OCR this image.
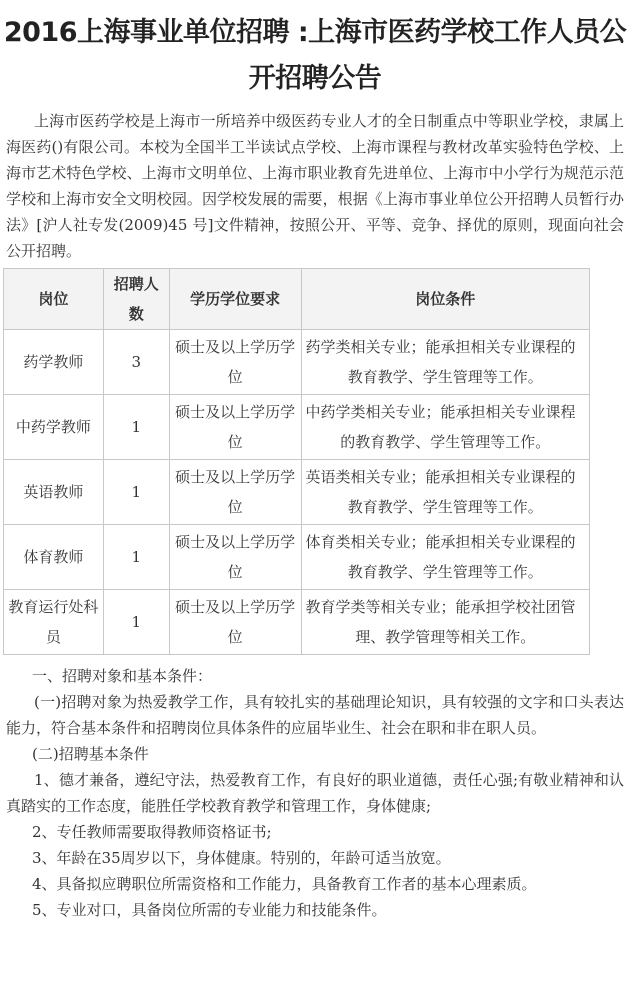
2016上海事业单位招聘 :上海市医药学校工作人员公开招聘公告

上海市医药学校是上海市一所培养中级医药专业人才的全日制重点中等职业学校，隶属上海医药()有限公司。本校为全国半工半读试点学校、上海市课程与教材改革实验特色学校、上海市艺术特色学校、上海市文明单位、上海市职业教育先进单位、上海市中小学行为规范示范学校和上海市安全文明校园。因学校发展的需要，根据《上海市事业单位公开招聘人员暂行办法》[沪人社专发(2009)45 号]文件精神，按照公开、平等、竞争、择优的原则，现面向社会公开招聘。

岗位	招聘人数	学历学位要求	岗位条件
药学教师	3	硕士及以上学历学位	药学类相关专业；能承担相关专业课程的
教育教学、学生管理等工作。

中药学教师	1	硕士及以上学历学位	中药学类相关专业；能承担相关专业课程
的教育教学、学生管理等工作。

英语教师	1	硕士及以上学历学位	英语类相关专业；能承担相关专业课程的
教育教学、学生管理等工作。

体育教师	1	硕士及以上学历学位	体育类相关专业；能承担相关专业课程的
教育教学、学生管理等工作。

教育运行处科员	1	硕士及以上学历学位	教育学类等相关专业；能承担学校社团管
理、教学管理等相关工作。

一、招聘对象和基本条件：

(一)招聘对象为热爱教学工作，具有较扎实的基础理论知识，具有较强的文字和口头表达能力，符合基本条件和招聘岗位具体条件的应届毕业生、社会在职和非在职人员。

(二)招聘基本条件

1、德才兼备，遵纪守法，热爱教育工作，有良好的职业道德，责任心强;有敬业精神和认真踏实的工作态度，能胜任学校教育教学和管理工作，身体健康;

2、专任教师需要取得教师资格证书;

3、年龄在35周岁以下，身体健康。特别的，年龄可适当放宽。

4、具备拟应聘职位所需资格和工作能力，具备教育工作者的基本心理素质。

5、专业对口，具备岗位所需的专业能力和技能条件。
